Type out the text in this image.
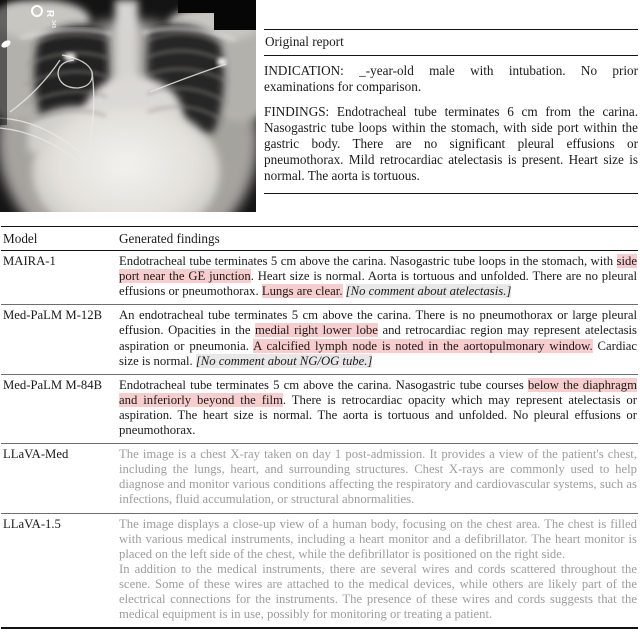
R
345
Original report

INDICATION: _-year-old male with intubation. No prior examinations for comparison.

FINDINGS: Endotracheal tube terminates 6 cm from the carina. Nasogastric tube loops within the stomach, with side port within the gastric body. There are no significant pleural effusions or pneumothorax. Mild retrocardiac atelectasis is present. Heart size is normal. The aorta is tortuous.

Model	Generated findings
MAIRA-1	Endotracheal tube terminates 5 cm above the carina. Nasogastric tube loops in the stomach, with side port near the GE junction. Heart size is normal. Aorta is tortuous and unfolded. There are no pleural effusions or pneumothorax. Lungs are clear. [No comment about atelectasis.]
Med-PaLM M-12B	An endotracheal tube terminates 5 cm above the carina. There is no pneumothorax or large pleural effusion. Opacities in the medial right lower lobe and retrocardiac region may represent atelectasis aspiration or pneumonia. A calcified lymph node is noted in the aortopulmonary window. Cardiac size is normal. [No comment about NG/OG tube.]
Med-PaLM M-84B	Endotracheal tube terminates 5 cm above the carina. Nasogastric tube courses below the diaphragm and inferiorly beyond the film. There is retrocardiac opacity which may represent atelectasis or aspiration. The heart size is normal. The aorta is tortuous and unfolded. No pleural effusions or pneumothorax.
LLaVA-Med	The image is a chest X-ray taken on day 1 post-admission. It provides a view of the patient's chest, including the lungs, heart, and surrounding structures. Chest X-rays are commonly used to help diagnose and monitor various conditions affecting the respiratory and cardiovascular systems, such as infections, fluid accumulation, or structural abnormalities.
LLaVA-1.5	The image displays a close-up view of a human body, focusing on the chest area. The chest is filled with various medical instruments, including a heart monitor and a defibrillator. The heart monitor is placed on the left side of the chest, while the defibrillator is positioned on the right side.
In addition to the medical instruments, there are several wires and cords scattered throughout the scene. Some of these wires are attached to the medical devices, while others are likely part of the electrical connections for the instruments. The presence of these wires and cords suggests that the medical equipment is in use, possibly for monitoring or treating a patient.
